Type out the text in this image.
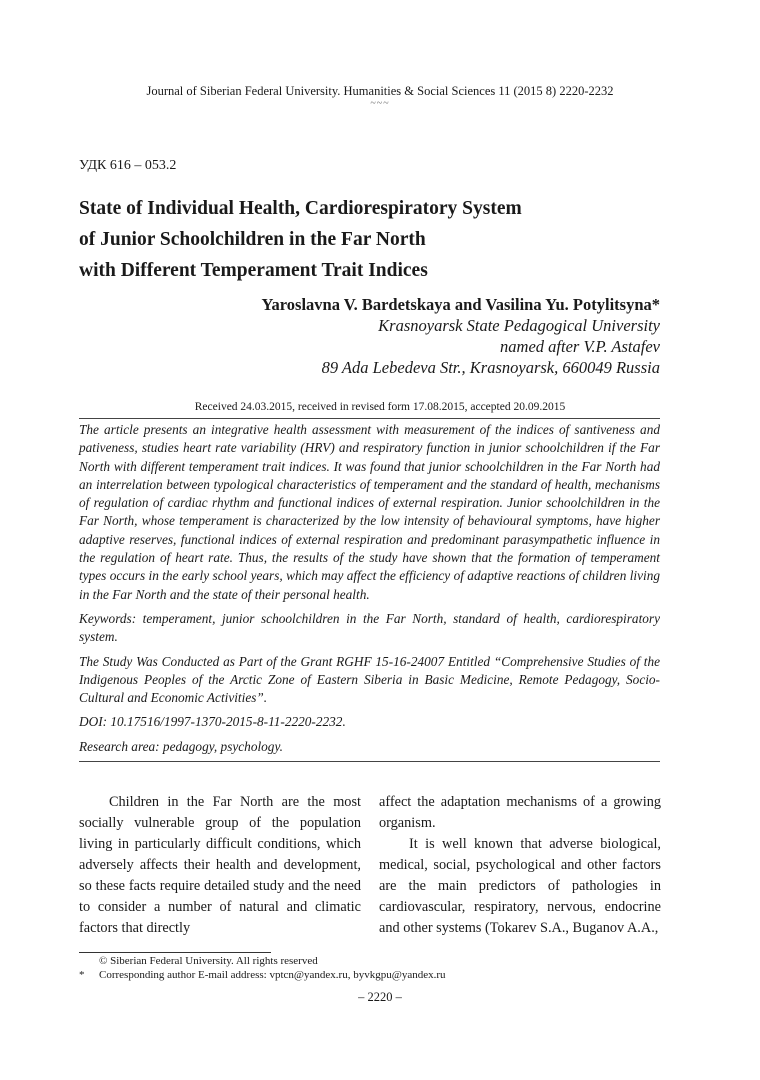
Journal of Siberian Federal University. Humanities & Social Sciences 11 (2015 8) 2220-2232
~~~
УДК 616 – 053.2
State of Individual Health, Cardiorespiratory System
of Junior Schoolchildren in the Far North
with Different Temperament Trait Indices
Yaroslavna V. Bardetskaya and Vasilina Yu. Potylitsyna*
Krasnoyarsk State Pedagogical University
named after V.P. Astafev
89 Ada Lebedeva Str., Krasnoyarsk, 660049 Russia
Received 24.03.2015, received in revised form 17.08.2015, accepted 20.09.2015

The article presents an integrative health assessment with measurement of the indices of santiveness and pativeness, studies heart rate variability (HRV) and respiratory function in junior schoolchildren if the Far North with different temperament trait indices. It was found that junior schoolchildren in the Far North had an interrelation between typological characteristics of temperament and the standard of health, mechanisms of regulation of cardiac rhythm and functional indices of external respiration. Junior schoolchildren in the Far North, whose temperament is characterized by the low intensity of behavioural symptoms, have higher adaptive reserves, functional indices of external respiration and predominant parasympathetic influence in the regulation of heart rate. Thus, the results of the study have shown that the formation of temperament types occurs in the early school years, which may affect the efficiency of adaptive reactions of children living in the Far North and the state of their personal health.

Keywords: temperament, junior schoolchildren in the Far North, standard of health, cardiorespiratory system.

The Study Was Conducted as Part of the Grant RGHF 15-16-24007 Entitled “Comprehensive Studies of the Indigenous Peoples of the Arctic Zone of Eastern Siberia in Basic Medicine, Remote Pedagogy, Socio-Cultural and Economic Activities”.

DOI: 10.17516/1997-1370-2015-8-11-2220-2232.

Research area: pedagogy, psychology.

Children in the Far North are the most socially vulnerable group of the population living in particularly difficult conditions, which adversely affects their health and development, so these facts require detailed study and the need to consider a number of natural and climatic factors that directly

affect the adaptation mechanisms of a growing organism.

It is well known that adverse biological, medical, social, psychological and other factors are the main predictors of pathologies in cardiovascular, respiratory, nervous, endocrine and other systems (Tokarev S.A., Buganov A.A.,

© Siberian Federal University. All rights reserved
* Corresponding author E-mail address: vptcn@yandex.ru, byvkgpu@yandex.ru
– 2220 –
